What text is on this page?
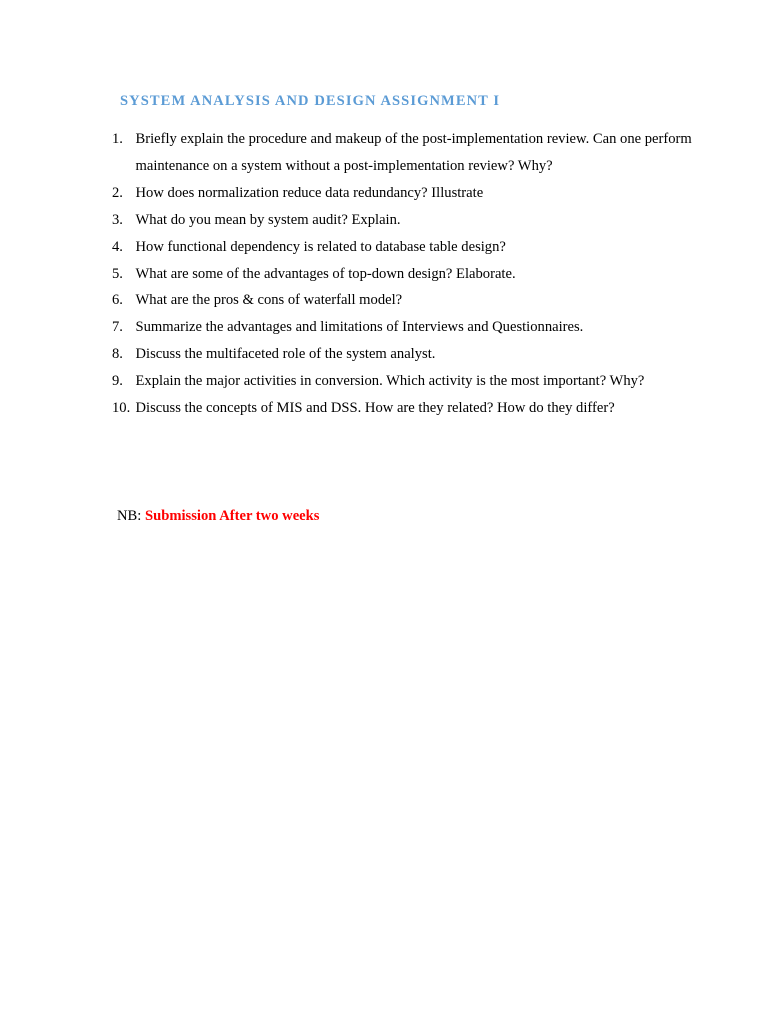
SYSTEM ANALYSIS AND DESIGN ASSIGNMENT I
1. Briefly explain the procedure and makeup of the post-implementation review. Can one perform maintenance on a system without a post-implementation review? Why?
2. How does normalization reduce data redundancy? Illustrate
3. What do you mean by system audit? Explain.
4. How functional dependency is related to database table design?
5. What are some of the advantages of top-down design? Elaborate.
6. What are the pros & cons of waterfall model?
7. Summarize the advantages and limitations of Interviews and Questionnaires.
8. Discuss the multifaceted role of the system analyst.
9. Explain the major activities in conversion. Which activity is the most important? Why?
10. Discuss the concepts of MIS and DSS. How are they related? How do they differ?
NB: Submission After two weeks
